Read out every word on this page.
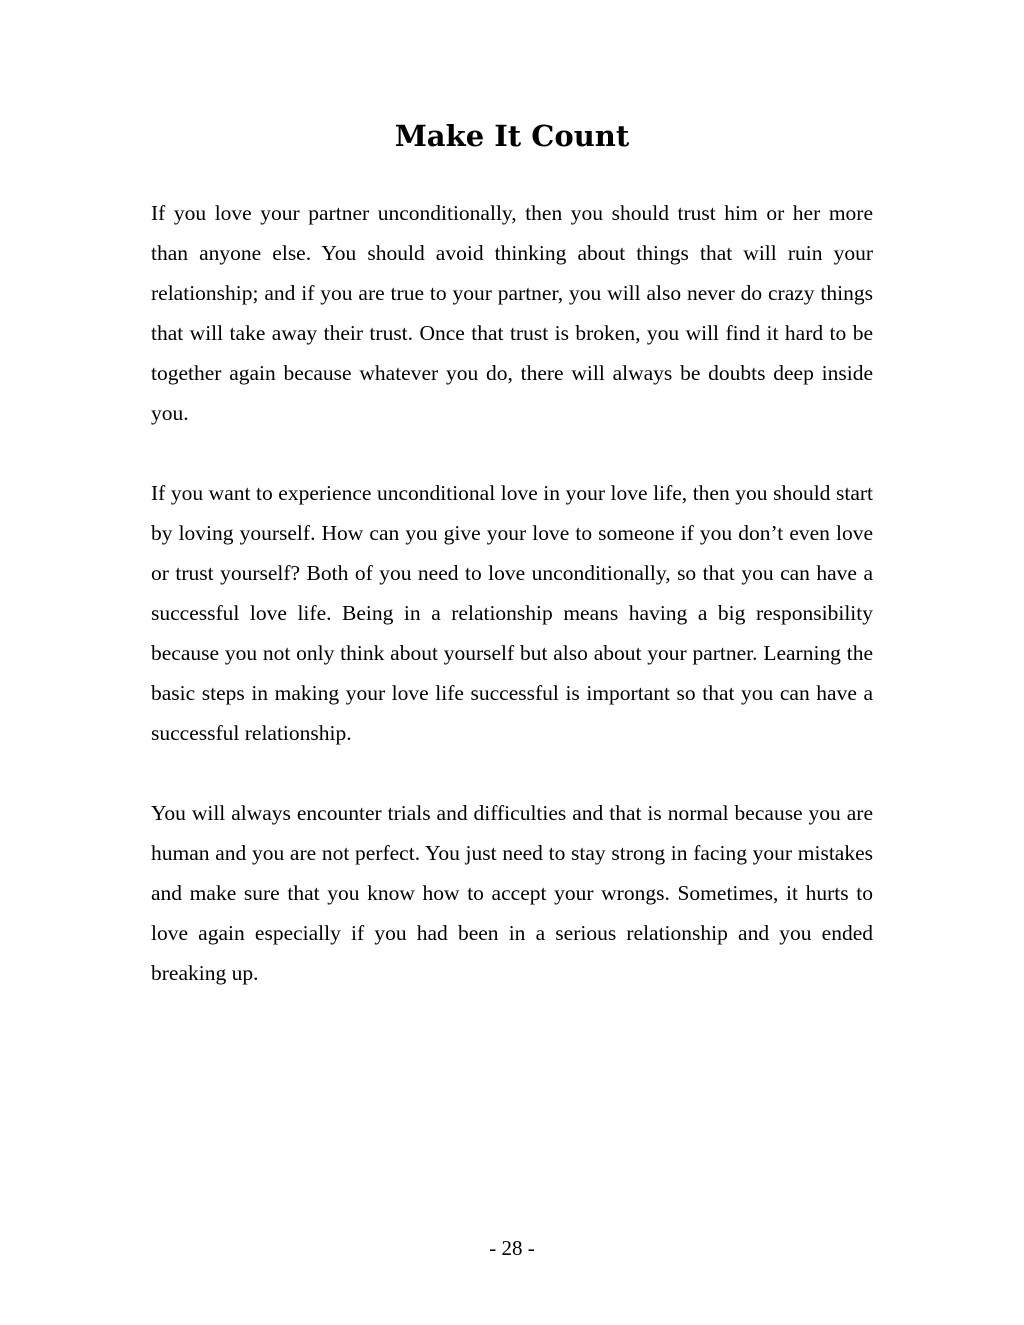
Make It Count

If you love your partner unconditionally, then you should trust him or her more than anyone else. You should avoid thinking about things that will ruin your relationship; and if you are true to your partner, you will also never do crazy things that will take away their trust. Once that trust is broken, you will find it hard to be together again because whatever you do, there will always be doubts deep inside you.

If you want to experience unconditional love in your love life, then you should start by loving yourself. How can you give your love to someone if you don’t even love or trust yourself? Both of you need to love unconditionally, so that you can have a successful love life. Being in a relationship means having a big responsibility because you not only think about yourself but also about your partner. Learning the basic steps in making your love life successful is important so that you can have a successful relationship.

You will always encounter trials and difficulties and that is normal because you are human and you are not perfect. You just need to stay strong in facing your mistakes and make sure that you know how to accept your wrongs. Sometimes, it hurts to love again especially if you had been in a serious relationship and you ended breaking up.

- 28 -
